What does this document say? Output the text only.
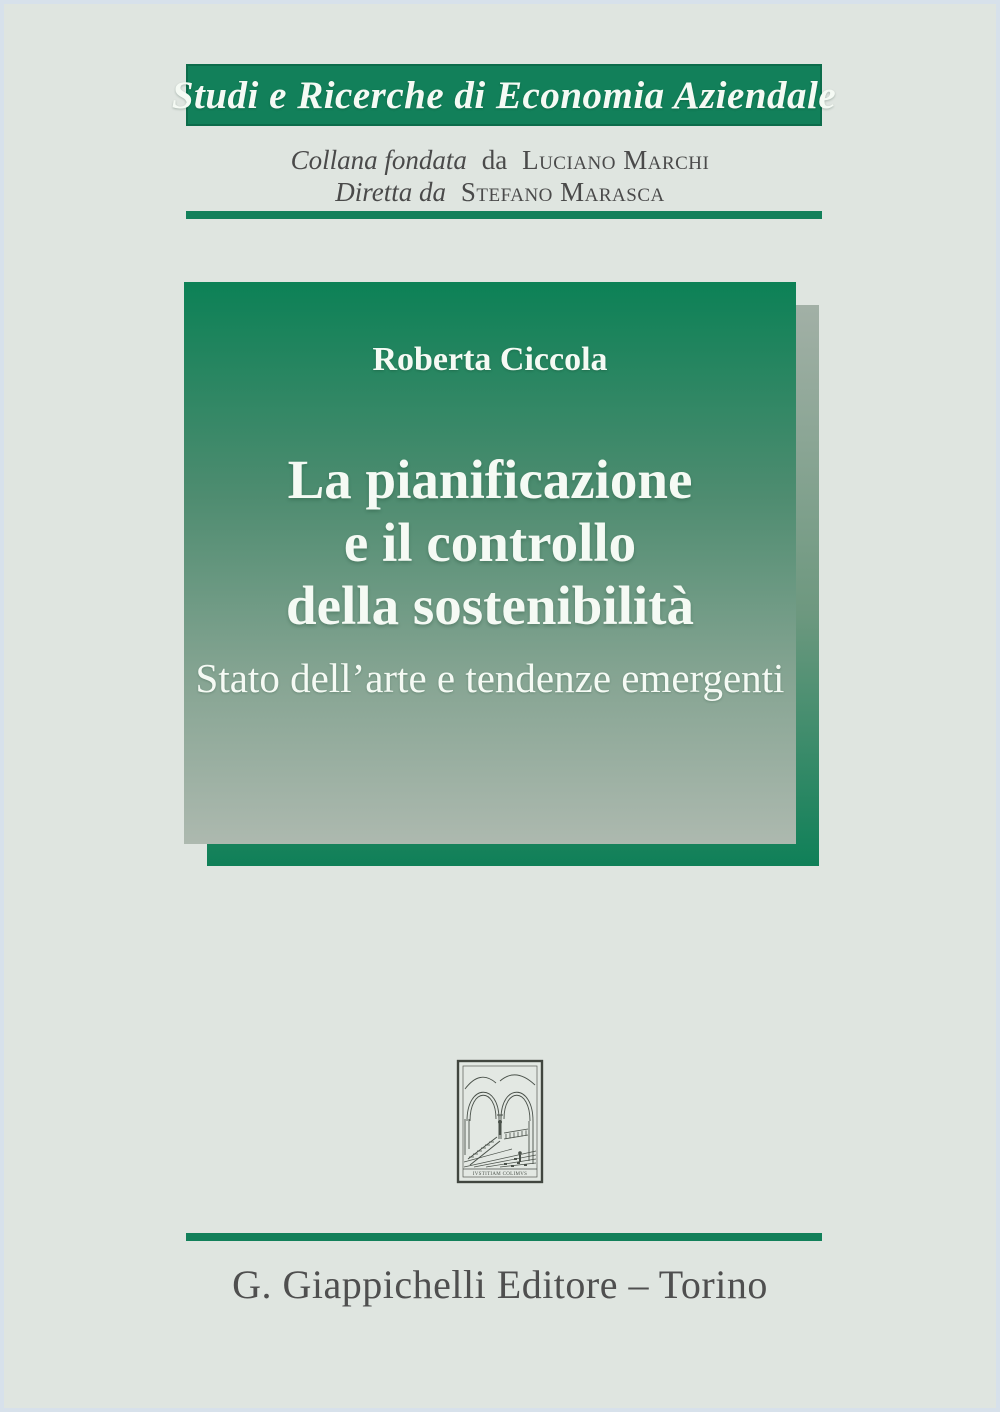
Studi e Ricerche di Economia Aziendale
Collana fondata da Luciano Marchi
Diretta da Stefano Marasca
Roberta Ciccola
La pianificazione
e il controllo
della sostenibilità
Stato dell’arte e tendenze emergenti
IVSTITIAM COLIMVS
G. Giappichelli Editore – Torino
